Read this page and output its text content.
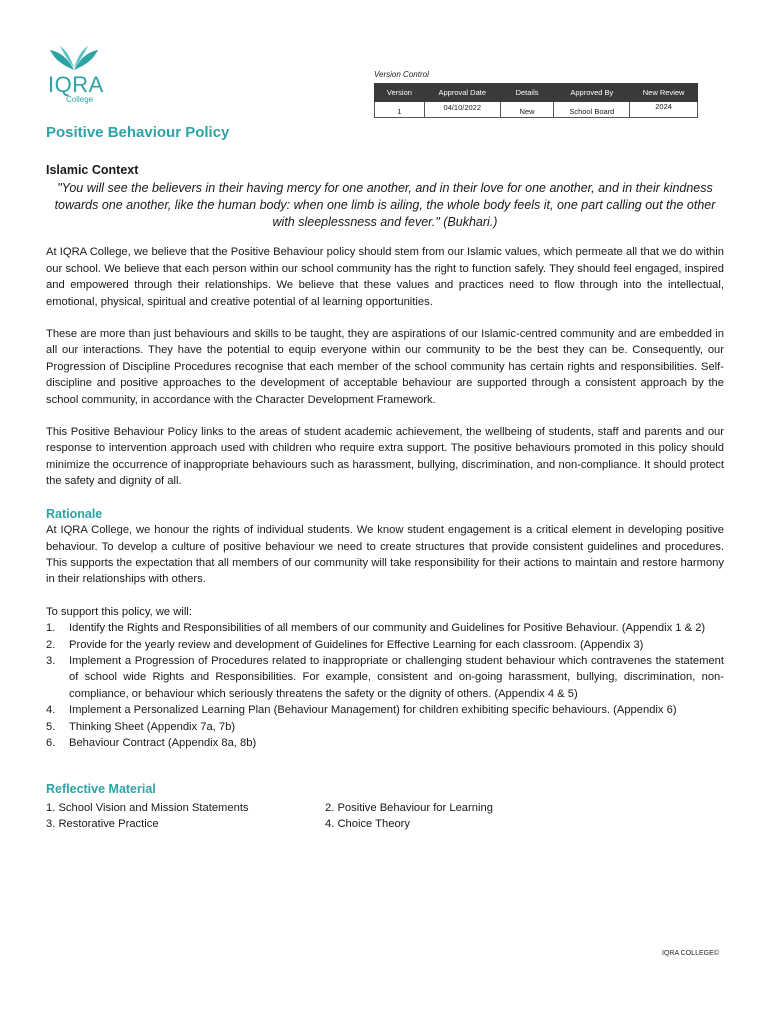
IQRA
College
Version Control
Version	Approval Date	Details	Approved By	New Review
1	04/10/2022	New	School Board	2024
Positive Behaviour Policy
Islamic Context
"You will see the believers in their having mercy for one another, and in their love for one another, and in their kindness towards one another, like the human body: when one limb is ailing, the whole body feels it, one part calling out the other with sleeplessness and fever." (Bukhari.)

At IQRA College, we believe that the Positive Behaviour policy should stem from our Islamic values, which permeate all that we do within our school. We believe that each person within our school community has the right to function safely. They should feel engaged, inspired and empowered through their relationships. We believe that these values and practices need to flow through into the intellectual, emotional, physical, spiritual and creative potential of al learning opportunities.

These are more than just behaviours and skills to be taught, they are aspirations of our Islamic-centred community and are embedded in all our interactions. They have the potential to equip everyone within our community to be the best they can be. Consequently, our Progression of Discipline Procedures recognise that each member of the school community has certain rights and responsibilities. Self-discipline and positive approaches to the development of acceptable behaviour are supported through a consistent approach by the school community, in accordance with the Character Development Framework.

This Positive Behaviour Policy links to the areas of student academic achievement, the wellbeing of students, staff and parents and our response to intervention approach used with children who require extra support. The positive behaviours promoted in this policy should minimize the occurrence of inappropriate behaviours such as harassment, bullying, discrimination, and non-compliance. It should protect the safety and dignity of all.

Rationale

At IQRA College, we honour the rights of individual students. We know student engagement is a critical element in developing positive behaviour. To develop a culture of positive behaviour we need to create structures that provide consistent guidelines and procedures. This supports the expectation that all members of our community will take responsibility for their actions to maintain and restore harmony in their relationships with others.

To support this policy, we will:
1. Identify the Rights and Responsibilities of all members of our community and Guidelines for Positive Behaviour. (Appendix 1 & 2)
2. Provide for the yearly review and development of Guidelines for Effective Learning for each classroom. (Appendix 3)
3. Implement a Progression of Procedures related to inappropriate or challenging student behaviour which contravenes the statement of school wide Rights and Responsibilities. For example, consistent and on-going harassment, bullying, discrimination, non-compliance, or behaviour which seriously threatens the safety or the dignity of others. (Appendix 4 & 5)
4. Implement a Personalized Learning Plan (Behaviour Management) for children exhibiting specific behaviours. (Appendix 6)
5. Thinking Sheet (Appendix 7a, 7b)
6. Behaviour Contract (Appendix 8a, 8b)
Reflective Material
1. School Vision and Mission Statements	2. Positive Behaviour for Learning
3. Restorative Practice	4. Choice Theory
IQRA COLLEGE©
